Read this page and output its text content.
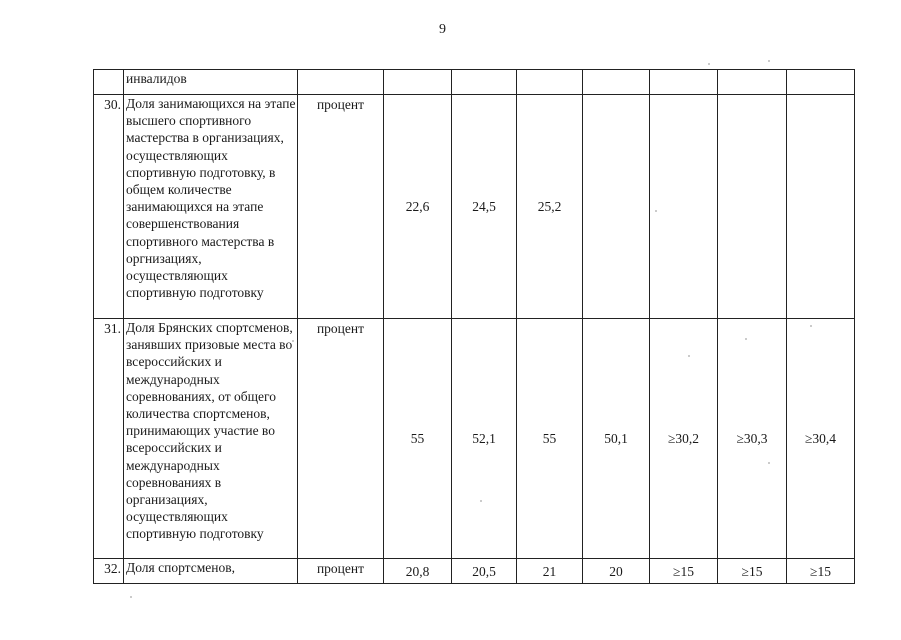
9
	инвалидов								
30.	Доля занимающихся на этапе высшего спортивного мастерства в организациях, осуществляющих спортивную подготовку, в общем количестве занимающихся на этапе совершенствования спортивного мастерства в оргнизациях, осуществляющих спортивную подготовку	процент	22,6	24,5	25,2				
31.	Доля Брянских спортсменов, занявших призовые места во всероссийских и международных соревнованиях, от общего количества спортсменов, принимающих участие во всероссийских и международных соревнованиях в организациях, осуществляющих спортивную подготовку	процент	55	52,1	55	50,1	≥30,2	≥30,3	≥30,4
32.	Доля спортсменов,	процент	20,8	20,5	21	20	≥15	≥15	≥15
